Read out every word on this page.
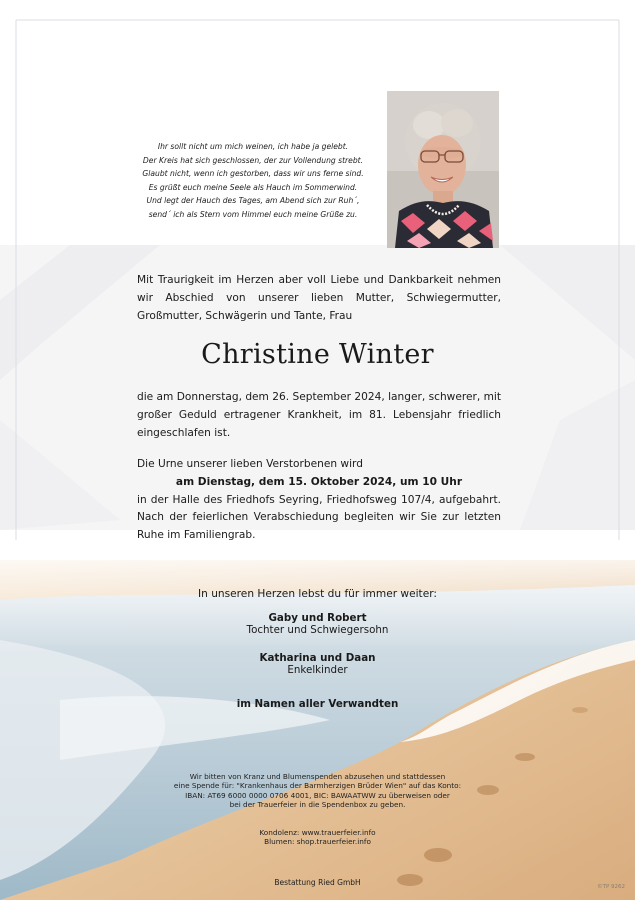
Ihr sollt nicht um mich weinen, ich habe ja gelebt.
Der Kreis hat sich geschlossen, der zur Vollendung strebt.
Glaubt nicht, wenn ich gestorben, dass wir uns ferne sind.
Es grüßt euch meine Seele als Hauch im Sommerwind.
Und legt der Hauch des Tages, am Abend sich zur Ruh´,
send´ ich als Stern vom Himmel euch meine Grüße zu.
Mit Traurigkeit im Herzen aber voll Liebe und Dankbarkeit nehmen
wir Abschied von unserer lieben Mutter, Schwiegermutter,
Großmutter, Schwägerin und Tante, Frau
Christine Winter
die am Donnerstag, dem 26. September 2024, langer, schwerer, mit großer Geduld ertragener Krankheit, im 81. Lebensjahr friedlich eingeschlafen ist.
Die Urne unserer lieben Verstorbenen wird
am Dienstag, dem 15. Oktober 2024, um 10 Uhr
in der Halle des Friedhofs Seyring, Friedhofsweg 107/4, aufgebahrt. Nach der feierlichen Verabschiedung begleiten wir Sie zur letzten Ruhe im Familiengrab.
In unseren Herzen lebst du für immer weiter:
Gaby und Robert
Tochter und Schwiegersohn
Katharina und Daan
Enkelkinder
im Namen aller Verwandten
Wir bitten von Kranz und Blumenspenden abzusehen und stattdessen
eine Spende für: "Krankenhaus der Barmherzigen Brüder Wien" auf das Konto:
IBAN: AT69 6000 0000 0706 4001, BIC: BAWAATWW zu überweisen oder
bei der Trauerfeier in die Spendenbox zu geben.
Kondolenz: www.trauerfeier.info
Blumen: shop.trauerfeier.info
Bestattung Ried GmbH	©TP 9262
